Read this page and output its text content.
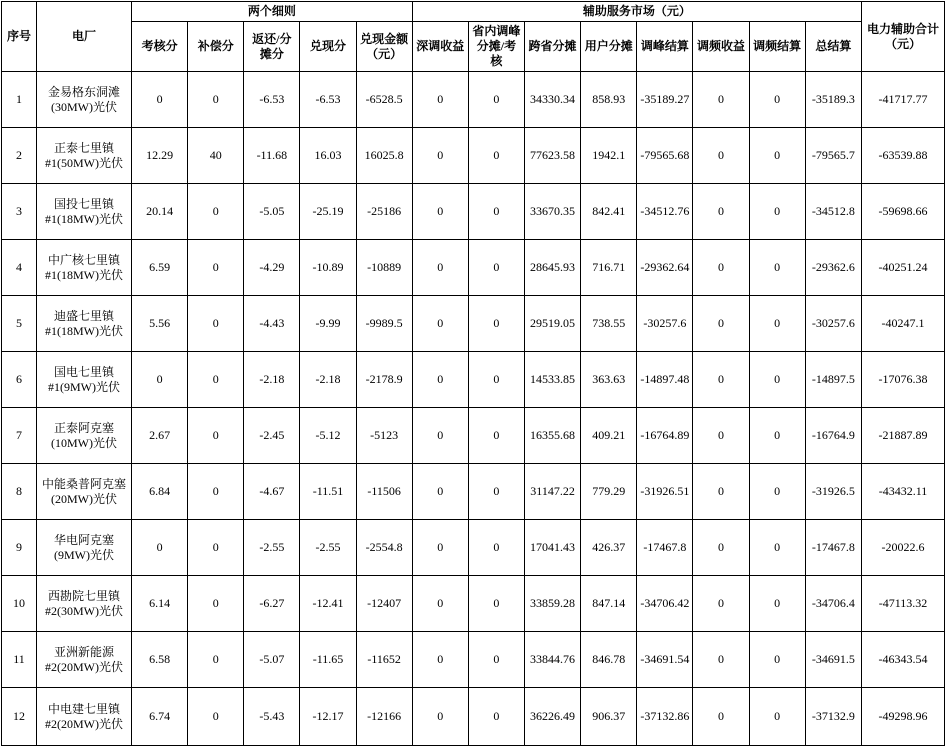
序号	电厂	两个细则					辅助服务市场（元）								电力辅助合计（元）
		考核分	补偿分	返还/分摊分	兑现分	兑现金额（元）	深调收益	省内调峰分摊/考核	跨省分摊	用户分摊	调峰结算	调频收益	调频结算	总结算	
1	金易格东洞滩(30MW)光伏	0	0	-6.53	-6.53	-6528.5	0	0	34330.34	858.93	-35189.27	0	0	-35189.3	-41717.77
2	正泰七里镇#1(50MW)光伏	12.29	40	-11.68	16.03	16025.8	0	0	77623.58	1942.1	-79565.68	0	0	-79565.7	-63539.88
3	国投七里镇#1(18MW)光伏	20.14	0	-5.05	-25.19	-25186	0	0	33670.35	842.41	-34512.76	0	0	-34512.8	-59698.66
4	中广核七里镇#1(18MW)光伏	6.59	0	-4.29	-10.89	-10889	0	0	28645.93	716.71	-29362.64	0	0	-29362.6	-40251.24
5	迪盛七里镇#1(18MW)光伏	5.56	0	-4.43	-9.99	-9989.5	0	0	29519.05	738.55	-30257.6	0	0	-30257.6	-40247.1
6	国电七里镇#1(9MW)光伏	0	0	-2.18	-2.18	-2178.9	0	0	14533.85	363.63	-14897.48	0	0	-14897.5	-17076.38
7	正泰阿克塞(10MW)光伏	2.67	0	-2.45	-5.12	-5123	0	0	16355.68	409.21	-16764.89	0	0	-16764.9	-21887.89
8	中能桑普阿克塞(20MW)光伏	6.84	0	-4.67	-11.51	-11506	0	0	31147.22	779.29	-31926.51	0	0	-31926.5	-43432.11
9	华电阿克塞(9MW)光伏	0	0	-2.55	-2.55	-2554.8	0	0	17041.43	426.37	-17467.8	0	0	-17467.8	-20022.6
10	西勘院七里镇#2(30MW)光伏	6.14	0	-6.27	-12.41	-12407	0	0	33859.28	847.14	-34706.42	0	0	-34706.4	-47113.32
11	亚洲新能源#2(20MW)光伏	6.58	0	-5.07	-11.65	-11652	0	0	33844.76	846.78	-34691.54	0	0	-34691.5	-46343.54
12	中电建七里镇#2(20MW)光伏	6.74	0	-5.43	-12.17	-12166	0	0	36226.49	906.37	-37132.86	0	0	-37132.9	-49298.96
